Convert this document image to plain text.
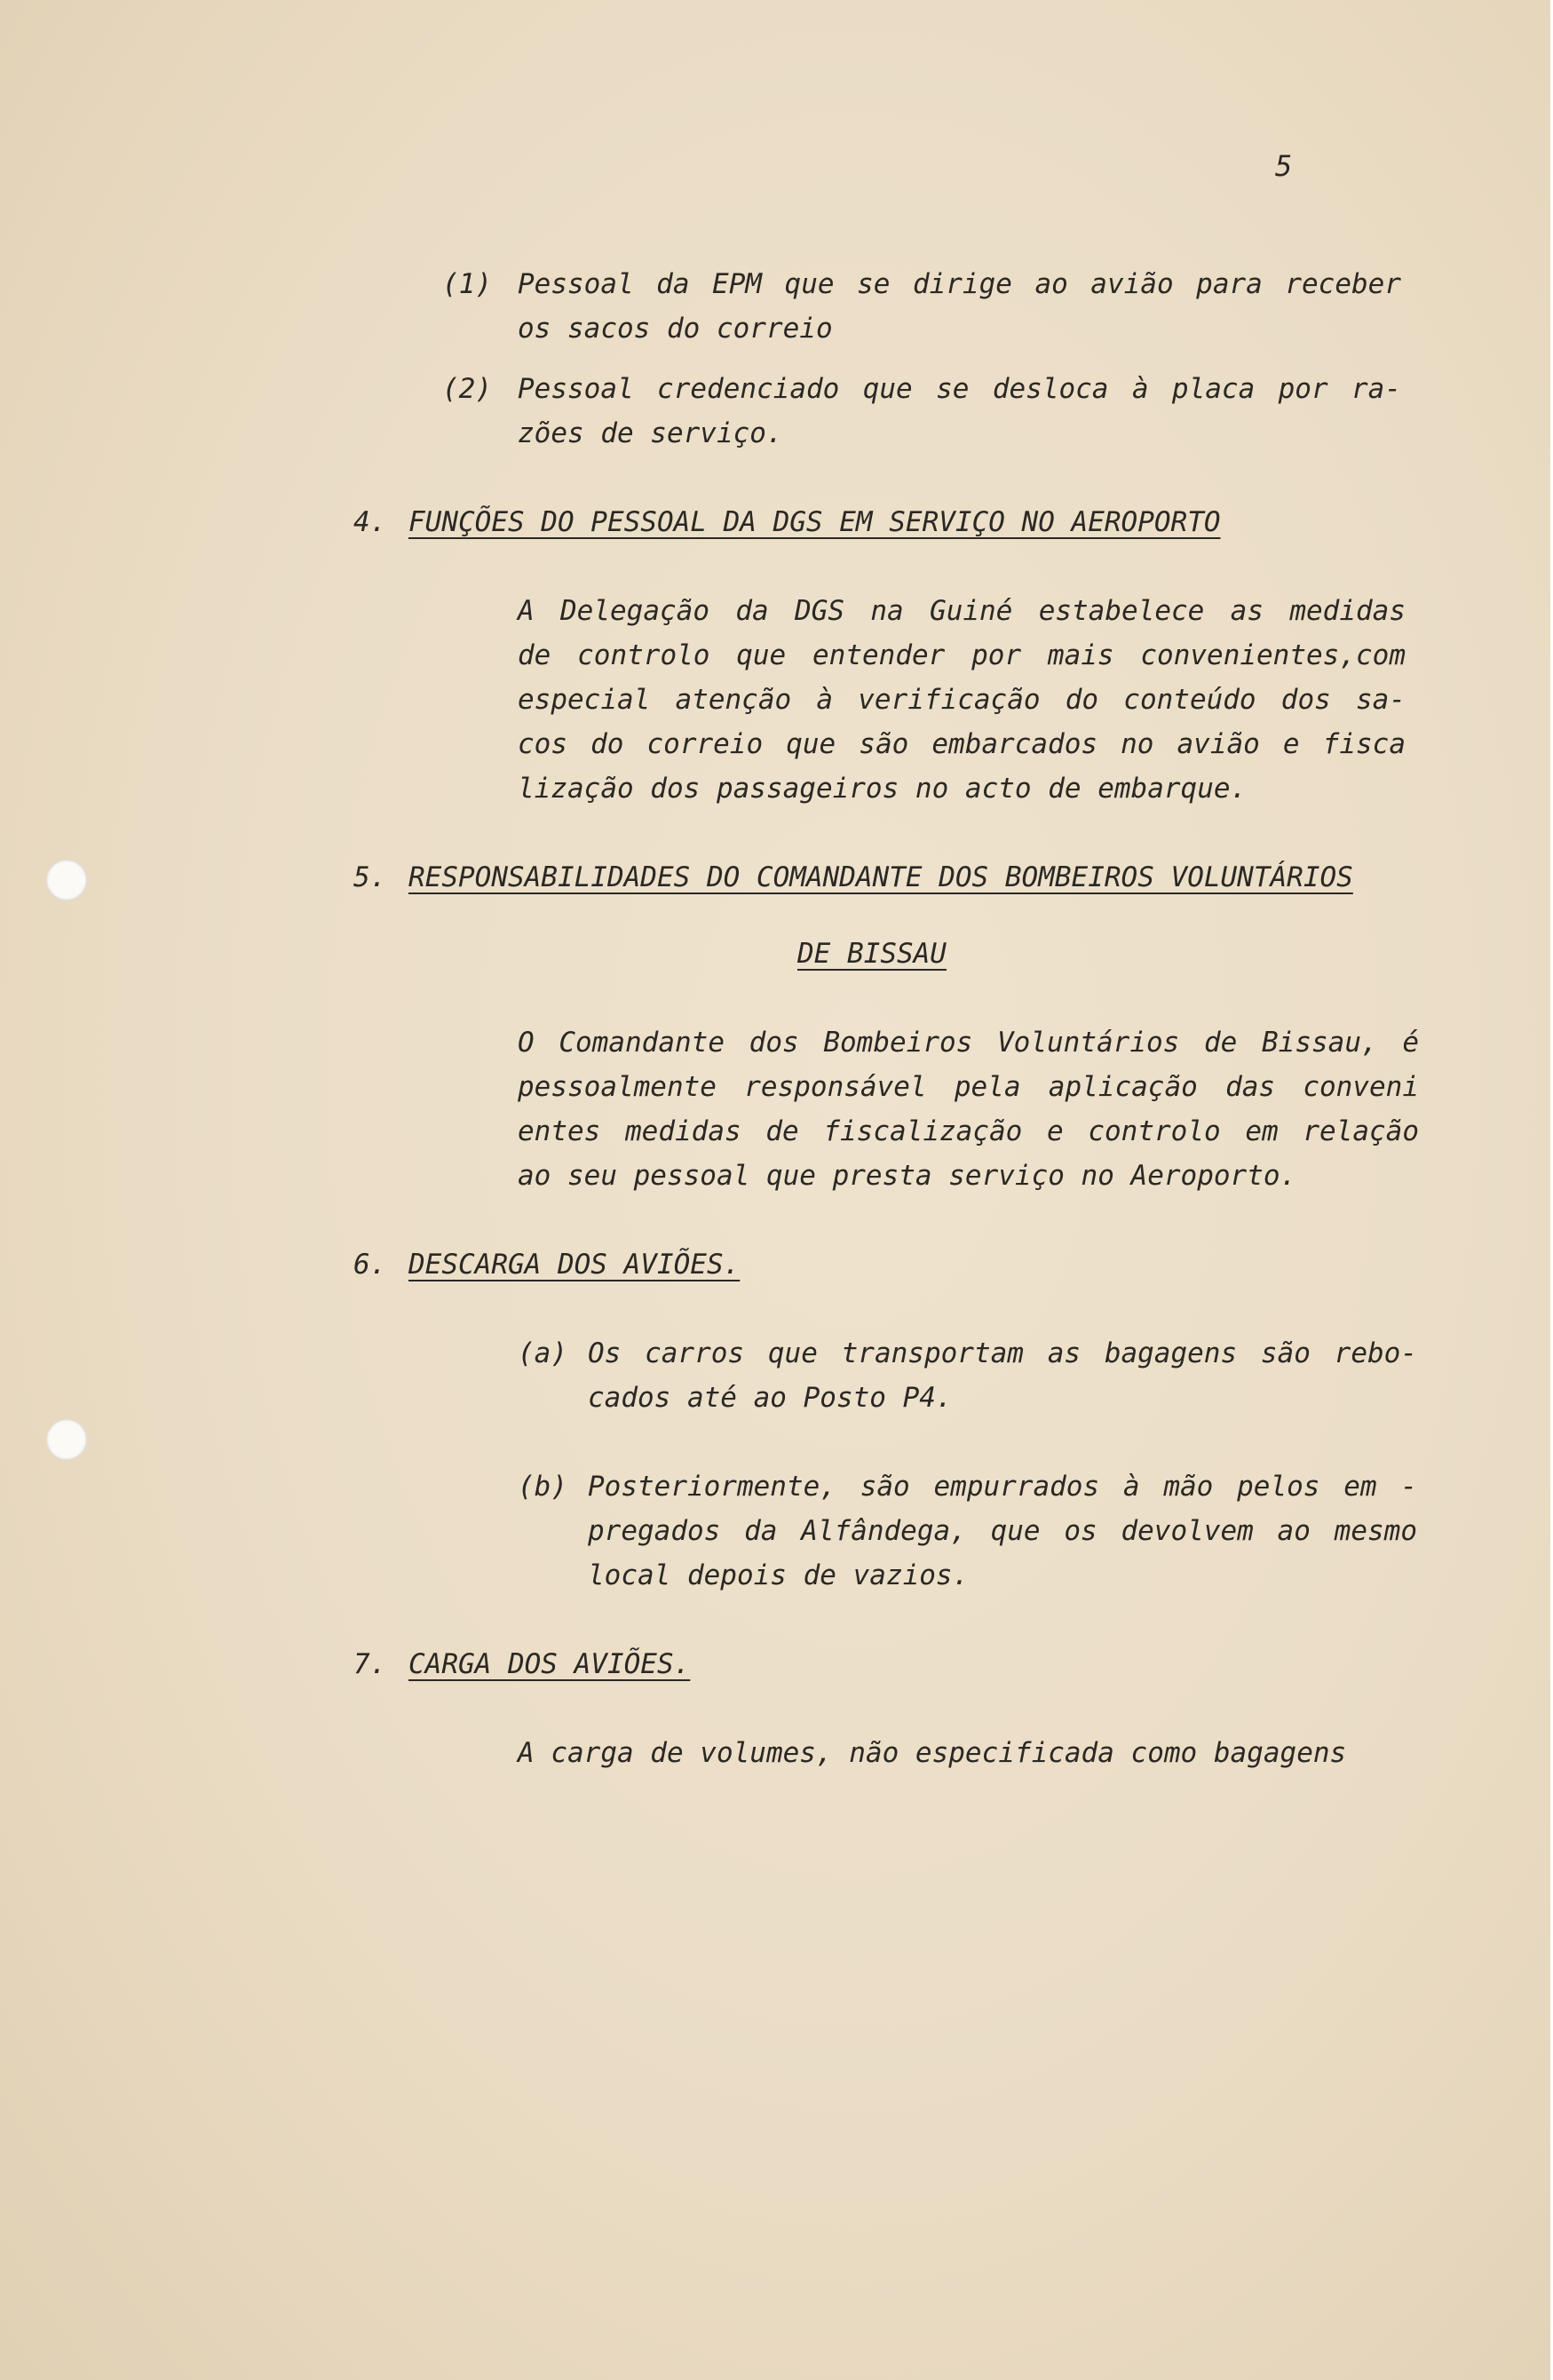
5
(1) Pessoal da EPM que se dirige ao avião para receber
os sacos do correio
(2) Pessoal credenciado que se desloca à placa por ra-
zões de serviço.
4. FUNÇÕES DO PESSOAL DA DGS EM SERVIÇO NO AEROPORTO
A Delegação da DGS na Guiné estabelece as medidas
de controlo que entender por mais convenientes,com
especial atenção à verificação do conteúdo dos sa-
cos do correio que são embarcados no avião e fisca
lização dos passageiros no acto de embarque.
5. RESPONSABILIDADES DO COMANDANTE DOS BOMBEIROS VOLUNTÁRIOS
DE BISSAU
O Comandante dos Bombeiros Voluntários de Bissau, é
pessoalmente responsável pela aplicação das conveni
entes medidas de fiscalização e controlo em relação
ao seu pessoal que presta serviço no Aeroporto.
6. DESCARGA DOS AVIÕES.
(a) Os carros que transportam as bagagens são rebo-
cados até ao Posto P4.
(b) Posteriormente, são empurrados à mão pelos em -
pregados da Alfândega, que os devolvem ao mesmo
local depois de vazios.
7. CARGA DOS AVIÕES.
A carga de volumes, não especificada como bagagens
